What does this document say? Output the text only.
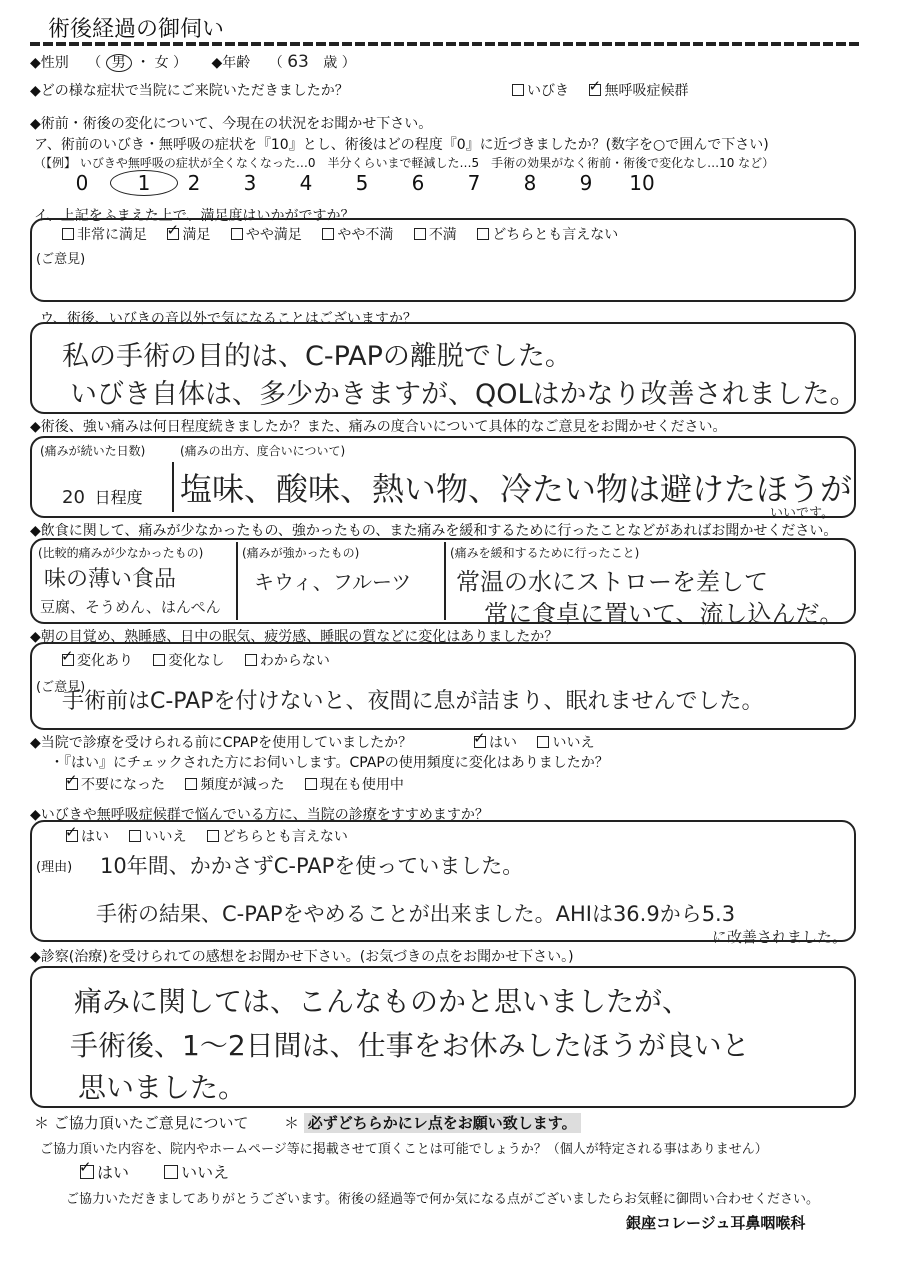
術後経過の御伺い
◆性別 （ 男 ・ 女 ） ◆年齢 （ 63 歳 ）
◆どの様な症状で当院にご来院いただきましたか？	いびき ✓	無呼吸症候群
◆術前・術後の変化について、今現在の状況をお聞かせ下さい。
ア、術前のいびき・無呼吸の症状を『10』とし、術後はどの程度『0』に近づきましたか？(数字を○で囲んで下さい)
（【例】 いびきや無呼吸の症状が全くなくなった…0　半分くらいまで軽減した…5　手術の効果がなく術前・術後で変化なし…10 など）
0 1 2 3 4 5 6 7 8 9 10
イ、上記をふまえた上で、満足度はいかがですか？
非常に満足 ✓	満足	やや満足	やや不満	不満	どちらとも言えない
(ご意見)
ウ、術後、いびきの音以外で気になることはございますか？
私の手術の目的は、C-PAPの離脱でした。
いびき自体は、多少かきますが、QOLはかなり改善されました。
◆術後、強い痛みは何日程度続きましたか？また、痛みの度合いについて具体的なご意見をお聞かせください。
(痛みが続いた日数)
20 日程度
(痛みの出方、度合いについて)
塩味、酸味、熱い物、冷たい物は避けたほうが
いいです。
◆飲食に関して、痛みが少なかったもの、強かったもの、また痛みを緩和するために行ったことなどがあればお聞かせください。
(比較的痛みが少なかったもの)
味の薄い食品
豆腐、そうめん、はんぺん
(痛みが強かったもの)
キウィ、フルーツ
(痛みを緩和するために行ったこと)
常温の水にストローを差して
常に食卓に置いて、流し込んだ。
◆朝の目覚め、熟睡感、日中の眠気、疲労感、睡眠の質などに変化はありましたか？
✓変化あり	変化なし	わからない
(ご意見)
手術前はC-PAPを付けないと、夜間に息が詰まり、眠れませんでした。
◆当院で診療を受けられる前にCPAPを使用していましたか？ ✓	はい	いいえ
・『はい』にチェックされた方にお伺いします。CPAPの使用頻度に変化はありましたか？
✓不要になった	頻度が減った	現在も使用中
◆いびきや無呼吸症候群で悩んでいる方に、当院の診療をすすめますか？
✓はい	いいえ	どちらとも言えない
(理由) 10年間、かかさずC-PAPを使っていました。
手術の結果、C-PAPをやめることが出来ました。AHIは36.9から5.3
に改善されました。
◆診察(治療)を受けられての感想をお聞かせ下さい。(お気づきの点をお聞かせ下さい。)
痛みに関しては、こんなものかと思いましたが、
手術後、1〜2日間は、仕事をお休みしたほうが良いと
思いました。
＊ ご協力頂いたご意見について ＊ 必ずどちらかにレ点をお願い致します。
ご協力頂いた内容を、院内やホームページ等に掲載させて頂くことは可能でしょうか？（個人が特定される事はありません）
✓はい	いいえ
ご協力いただきましてありがとうございます。術後の経過等で何か気になる点がございましたらお気軽に御問い合わせください。
銀座コレージュ耳鼻咽喉科
